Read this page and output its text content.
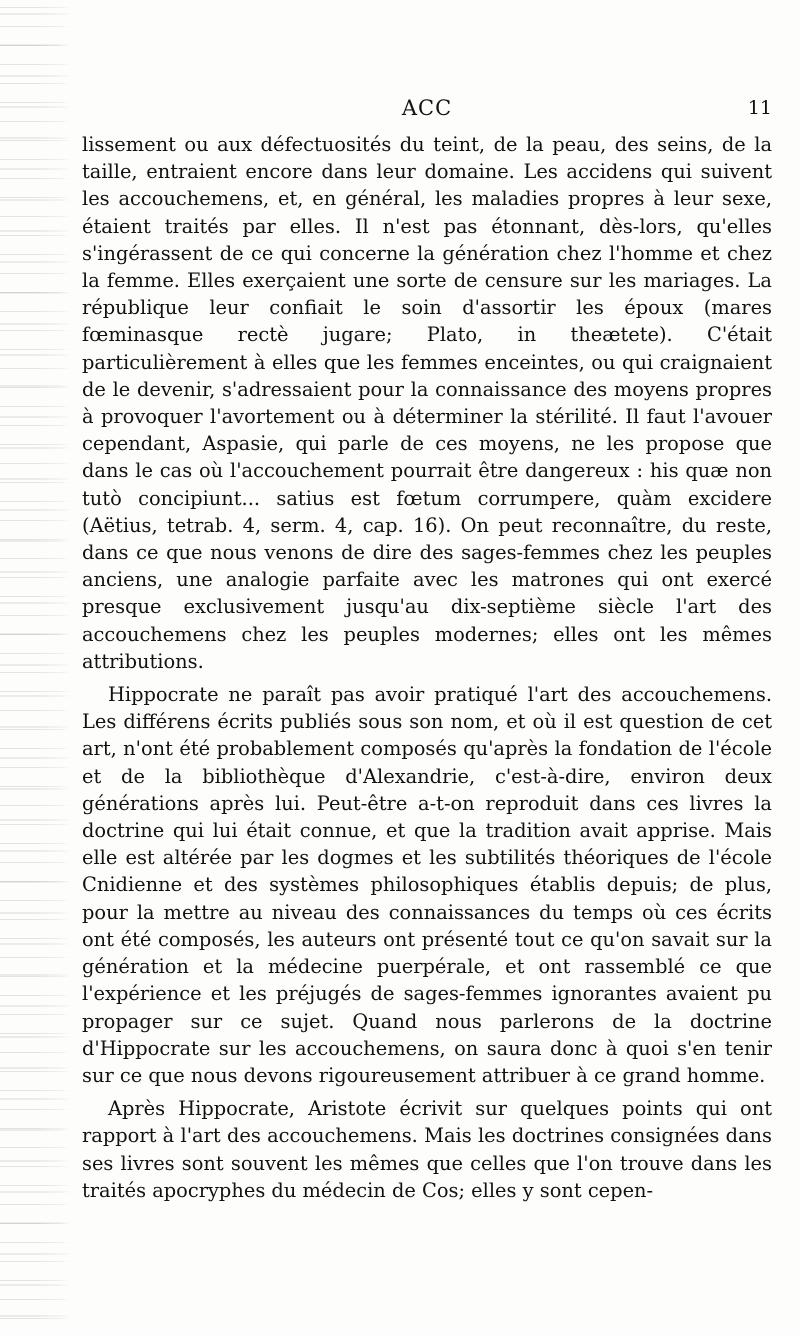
ACC	11

lissement ou aux défectuosités du teint, de la peau, des seins, de la taille, entraient encore dans leur domaine. Les accidens qui suivent les accouchemens, et, en général, les maladies propres à leur sexe, étaient traités par elles. Il n'est pas étonnant, dès-lors, qu'elles s'ingérassent de ce qui concerne la génération chez l'homme et chez la femme. Elles exerçaient une sorte de censure sur les mariages. La république leur confiait le soin d'assortir les époux (mares fœminasque rectè jugare; Plato, in theætete). C'était particulièrement à elles que les femmes enceintes, ou qui craignaient de le devenir, s'adressaient pour la connaissance des moyens propres à provoquer l'avortement ou à déterminer la stérilité. Il faut l'avouer cependant, Aspasie, qui parle de ces moyens, ne les propose que dans le cas où l'accouchement pourrait être dangereux : his quæ non tutò concipiunt... satius est fœtum corrumpere, quàm excidere (Aëtius, tetrab. 4, serm. 4, cap. 16). On peut reconnaître, du reste, dans ce que nous venons de dire des sages-femmes chez les peuples anciens, une analogie parfaite avec les matrones qui ont exercé presque exclusivement jusqu'au dix-septième siècle l'art des accouchemens chez les peuples modernes; elles ont les mêmes attributions.

Hippocrate ne paraît pas avoir pratiqué l'art des accouchemens. Les différens écrits publiés sous son nom, et où il est question de cet art, n'ont été probablement composés qu'après la fondation de l'école et de la bibliothèque d'Alexandrie, c'est-à-dire, environ deux générations après lui. Peut-être a-t-on reproduit dans ces livres la doctrine qui lui était connue, et que la tradition avait apprise. Mais elle est altérée par les dogmes et les subtilités théoriques de l'école Cnidienne et des systèmes philosophiques établis depuis; de plus, pour la mettre au niveau des connaissances du temps où ces écrits ont été composés, les auteurs ont présenté tout ce qu'on savait sur la génération et la médecine puerpérale, et ont rassemblé ce que l'expérience et les préjugés de sages-femmes ignorantes avaient pu propager sur ce sujet. Quand nous parlerons de la doctrine d'Hippocrate sur les accouchemens, on saura donc à quoi s'en tenir sur ce que nous devons rigoureusement attribuer à ce grand homme.

Après Hippocrate, Aristote écrivit sur quelques points qui ont rapport à l'art des accouchemens. Mais les doctrines consignées dans ses livres sont souvent les mêmes que celles que l'on trouve dans les traités apocryphes du médecin de Cos; elles y sont cepen-
